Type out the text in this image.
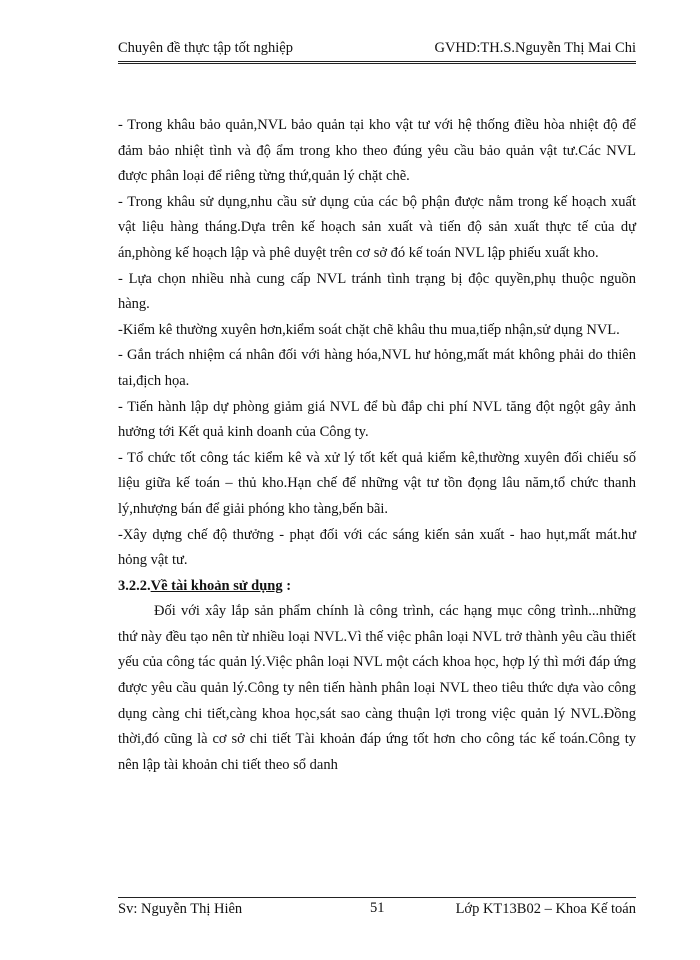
Chuyên đề thực tập tốt nghiệp	GVHD:TH.S.Nguyễn Thị Mai Chi

- Trong khâu bảo quản,NVL bảo quản tại kho vật tư với hệ thống điều hòa nhiệt độ để đảm bảo nhiệt tình và độ ẩm trong kho theo đúng yêu cầu bảo quản vật tư.Các NVL được phân loại để riêng từng thứ,quản lý chặt chẽ.

- Trong khâu sử dụng,nhu cầu sử dụng của các bộ phận được nằm trong kế hoạch xuất vật liệu hàng tháng.Dựa trên kế hoạch sản xuất và tiến độ sản xuất thực tế của dự án,phòng kế hoạch lập và phê duyệt trên cơ sở đó kế toán NVL lập phiếu xuất kho.

- Lựa chọn nhiều nhà cung cấp NVL tránh tình trạng bị độc quyền,phụ thuộc nguồn hàng.

-Kiểm kê thường xuyên hơn,kiểm soát chặt chẽ khâu thu mua,tiếp nhận,sử dụng NVL.

- Gắn trách nhiệm cá nhân đối với hàng hóa,NVL hư hỏng,mất mát không phải do thiên tai,địch họa.

- Tiến hành lập dự phòng giảm giá NVL để bù đắp chi phí NVL tăng đột ngột gây ảnh hưởng tới Kết quả kinh doanh của Công ty.

- Tổ chức tốt công tác kiểm kê và xử lý tốt kết quả kiểm kê,thường xuyên đối chiếu số liệu giữa kế toán – thủ kho.Hạn chế để những vật tư tồn đọng lâu năm,tổ chức thanh lý,nhượng bán để giải phóng kho tàng,bến bãi.

-Xây dựng chế độ thưởng - phạt đối với các sáng kiến sản xuất - hao hụt,mất mát.hư hỏng vật tư.

3.2.2.Về tài khoản sử dụng :

Đối với xây lắp sản phẩm chính là công trình, các hạng mục công trình...những thứ này đều tạo nên từ nhiều loại NVL.Vì thế việc phân loại NVL trở thành yêu cầu thiết yếu của công tác quản lý.Việc phân loại NVL một cách khoa học, hợp lý thì mới đáp ứng được yêu cầu quản lý.Công ty nên tiến hành phân loại NVL theo tiêu thức dựa vào công dụng càng chi tiết,càng khoa học,sát sao càng thuận lợi trong việc quản lý NVL.Đồng thời,đó cũng là cơ sở chi tiết Tài khoản đáp ứng tốt hơn cho công tác kế toán.Công ty nên lập tài khoản chi tiết theo sổ danh

Sv: Nguyễn Thị Hiên	51	Lớp KT13B02 – Khoa Kế toán
